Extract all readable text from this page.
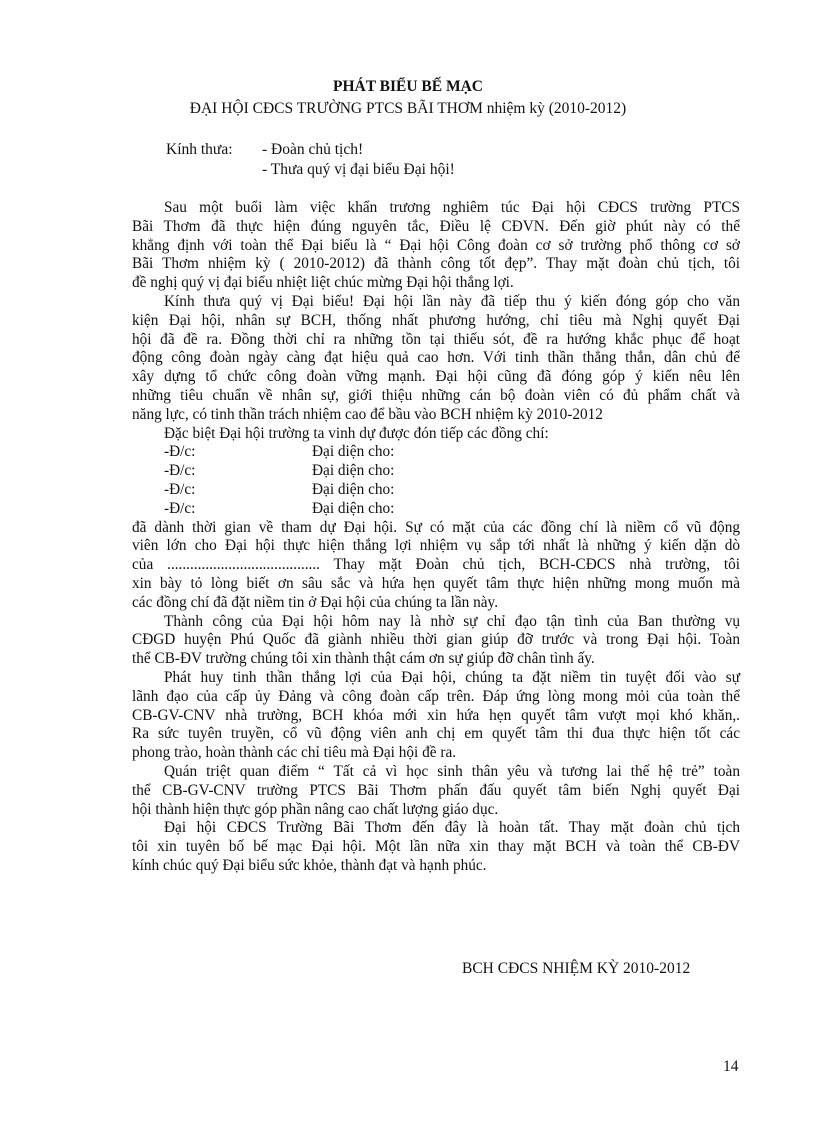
PHÁT BIỂU BẾ MẠC
ĐẠI HỘI CĐCS TRƯỜNG PTCS BÃI THƠM nhiệm kỳ (2010-2012)
Kính thưa: - Đoàn chủ tịch!
- Thưa quý vị đại biểu Đại hội!
Sau một buổi làm việc khẩn trương nghiêm túc Đại hội CĐCS trường PTCS
Bãi Thơm đã thực hiện đúng nguyên tắc, Điều lệ CĐVN. Đến giờ phút này có thể
khẳng định với toàn thể Đại biểu là “ Đại hội Công đoàn cơ sở trường phổ thông cơ sở
Bãi Thơm nhiệm kỳ ( 2010-2012) đã thành công tốt đẹp”. Thay mặt đoàn chủ tịch, tôi
đề nghị quý vị đại biểu nhiệt liệt chúc mừng Đại hội thắng lợi.
Kính thưa quý vị Đại biểu! Đại hội lần này đã tiếp thu ý kiến đóng góp cho văn
kiện Đại hội, nhân sự BCH, thống nhất phương hướng, chỉ tiêu mà Nghị quyết Đại
hội đã đề ra. Đồng thời chỉ ra những tồn tại thiếu sót, đề ra hướng khắc phục để hoạt
động công đoàn ngày càng đạt hiệu quả cao hơn. Với tinh thần thẳng thắn, dân chủ để
xây dựng tổ chức công đoàn vững mạnh. Đại hội cũng đã đóng góp ý kiến nêu lên
những tiêu chuẩn về nhân sự, giới thiệu những cán bộ đoàn viên có đủ phẩm chất và
năng lực, có tinh thần trách nhiệm cao để bầu vào BCH nhiệm kỳ 2010-2012
Đặc biệt Đại hội trường ta vinh dự được đón tiếp các đồng chí:
-Đ/c:	Đại diện cho:
-Đ/c:	Đại diện cho:
-Đ/c:	Đại diện cho:
-Đ/c:	Đại diện cho:
đã dành thời gian về tham dự Đại hội. Sự có mặt của các đồng chí là niềm cổ vũ động
viên lớn cho Đại hội thực hiện thắng lợi nhiệm vụ sắp tới nhất là những ý kiến dặn dò
của ........................................ Thay mặt Đoàn chủ tịch, BCH-CĐCS nhà trường, tôi
xin bày tỏ lòng biết ơn sâu sắc và hứa hẹn quyết tâm thực hiện những mong muốn mà
các đồng chí đã đặt niềm tin ở Đại hội của chúng ta lần này.
Thành công của Đại hội hôm nay là nhờ sự chỉ đạo tận tình của Ban thường vụ
CĐGD huyện Phú Quốc đã giành nhiều thời gian giúp đỡ trước và trong Đại hội. Toàn
thể CB-ĐV trường chúng tôi xin thành thật cám ơn sự giúp đỡ chân tình ấy.
Phát huy tinh thần thắng lợi của Đại hội, chúng ta đặt niềm tin tuyệt đối vào sự
lãnh đạo của cấp ủy Đảng và công đoàn cấp trên. Đáp ứng lòng mong mỏi của toàn thể
CB-GV-CNV nhà trường, BCH khóa mới xin hứa hẹn quyết tâm vượt mọi khó khăn,.
Ra sức tuyên truyền, cổ vũ động viên anh chị em quyết tâm thi đua thực hiện tốt các
phong trào, hoàn thành các chỉ tiêu mà Đại hội đề ra.
Quán triệt quan điểm “ Tất cả vì học sinh thân yêu và tương lai thế hệ trẻ” toàn
thể CB-GV-CNV trường PTCS Bãi Thơm phấn đấu quyết tâm biến Nghị quyết Đại
hội thành hiện thực góp phần nâng cao chất lượng giáo dục.
Đại hội CĐCS Trường Bãi Thơm đến đây là hoàn tất. Thay mặt đoàn chủ tịch
tôi xin tuyên bố bế mạc Đại hội. Một lần nữa xin thay mặt BCH và toàn thể CB-ĐV
kính chúc quý Đại biểu sức khỏe, thành đạt và hạnh phúc.
BCH CĐCS NHIỆM KỲ 2010-2012
14
